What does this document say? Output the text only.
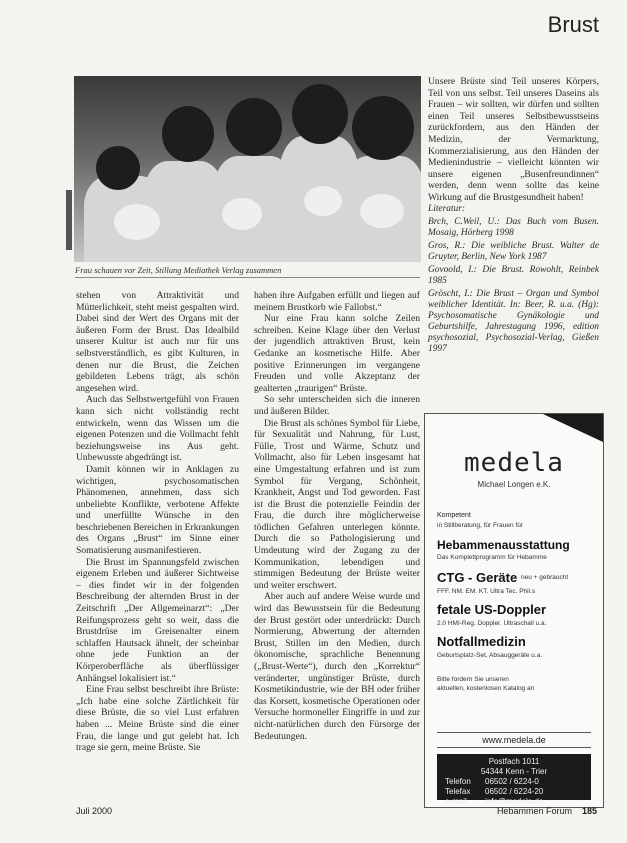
Brust
Frau schauen vor Zeit, Stillung Mediathek Verlag zusammen

stehen von Attraktivität und Mütterlichkeit, steht meist gespalten wird. Dabei sind der Wert des Organs mit der äußeren Form der Brust. Das Idealbild unserer Kultur ist auch nur für uns selbstverständlich, es gibt Kulturen, in denen nur die Brust, die Zeichen gebildeten Lebens trägt, als schön angesehen wird.

Auch das Selbstwertgefühl von Frauen kann sich nicht vollständig recht entwickeln, wenn das Wissen um die eigenen Potenzen und die Vollmacht fehlt beziehungsweise ins Aus geht. Unbewusste abgedrängt ist.

Damit können wir in Anklagen zu wichtigen, psychosomatischen Phänomenen, annehmen, dass sich unbeliebte Konflikte, verbotene Affekte und unerfüllte Wünsche in den beschriebenen Bereichen in Erkrankungen des Organs „Brust“ im Sinne einer Somatisierung ausmanifestieren.

Die Brust im Spannungsfeld zwischen eigenem Erleben und äußerer Sichtweise – dies findet wir in der folgenden Beschreibung der alternden Brust in der Zeitschrift „Der Allgemeinarzt“: „Der Reifungsprozess geht so weit, dass die Brustdrüse im Greisenalter einem schlaffen Hautsack ähnelt, der scheinbar ohne jede Funktion an der Körperoberfläche als überflüssiger Anhängsel lokalisiert ist.“

Eine Frau selbst beschreibt ihre Brüste: „Ich habe eine solche Zärtlichkeit für diese Brüste, die so viel Lust erfahren haben ... Meine Brüste sind die einer Frau, die lange und gut gelebt hat. Ich trage sie gern, meine Brüste. Sie

haben ihre Aufgaben erfüllt und liegen auf meinem Brustkorb wie Fallobst.“

Nur eine Frau kann solche Zeilen schreiben. Keine Klage über den Verlust der jugendlich attraktiven Brust, kein Gedanke an kosmetische Hilfe. Aber positive Erinnerungen im vergangene Freuden und volle Akzeptanz der gealterten „traurigen“ Brüste.

So sehr unterscheiden sich die inneren und äußeren Bilder.

Die Brust als schönes Symbol für Liebe, für Sexualität und Nahrung, für Lust, Fülle, Trost und Wärme, Schutz und Vollmacht, also für Leben insgesamt hat eine Umgestaltung erfahren und ist zum Symbol für Vergang, Schönheit, Krankheit, Angst und Tod geworden. Fast ist die Brust die potenzielle Feindin der Frau, die durch ihre möglicherweise tödlichen Gefahren unterlegen könnte. Durch die so Pathologisierung und Umdeutung wird der Zugang zu der Kommunikation, lebendigen und stimmigen Bedeutung der Brüste weiter und weiter erschwert.

Aber auch auf andere Weise wurde und wird das Bewusstsein für die Bedeutung der Brust gestört oder unterdrückt: Durch Normierung, Abwertung der alternden Brust, Stillen im den Medien, durch ökonomische, sprachliche Benennung („Brust-Werte“), durch den „Korrektur“ veränderter, ungünstiger Brüste, durch Kosmetikindustrie, wie der BH oder früher das Korsett, kosmetische Operationen oder Versuche hormoneller Eingriffe in und zur nicht-natürlichen durch den Fürsorge der Bedeutungen.

Unsere Brüste sind Teil unseres Körpers, Teil von uns selbst. Teil unseres Daseins als Frauen – wir sollten, wir dürfen und sollten einen Teil unseres Selbstbewusstseins zurückfordern, aus den Händen der Medizin, der Vermarktung, Kommerzialisierung, aus den Händen der Medienindustrie – vielleicht könnten wir unsere eigenen „Busenfreundinnen“ werden, denn wenn sollte das keine Wirkung auf die Brustgesundheit haben!

Literatur:

Brch, C.Weil, U.: Das Buch vom Busen. Mosaig, Hörberg 1998

Gros, R.: Die weibliche Brust. Walter de Gruyter, Berlin, New York 1987

Govoold, I.: Die Brust. Rowohlt, Reinbek 1985

Gröscht, I.: Die Brust – Organ und Symbol weiblicher Identität. In: Beer, R. u.a. (Hg): Psychosomatische Gynäkologie und Geburtshilfe, Jahrestagung 1996, edition psychosozial, Psychosozial-Verlag, Gießen 1997

medela
Michael Longen e.K.
Kompetent
in Stillberatung, für Frauen für
Hebammenausstattung
Das Komplettprogramm für Hebamme
CTG - Geräte neu + gebraucht
FFF. NM. EM. KT. Ultra Tec. Phil.s
fetale US-Doppler
2.0 HMI-Reg. Doppler. Ultraschall u.a.
Notfallmedizin
Geburtsplatz-Set, Absauggeräte u.a.
Bitte fordern Sie unseren
aktuellen, kostenlosen Katalog an
www.medela.de
Postfach 1011
54344 Kenn - Trier
Telefon	06502 / 6224-0
Telefax	06502 / 6224-20
e-mail	info@medela.de
Juli 2000	Hebammen Forum 185
